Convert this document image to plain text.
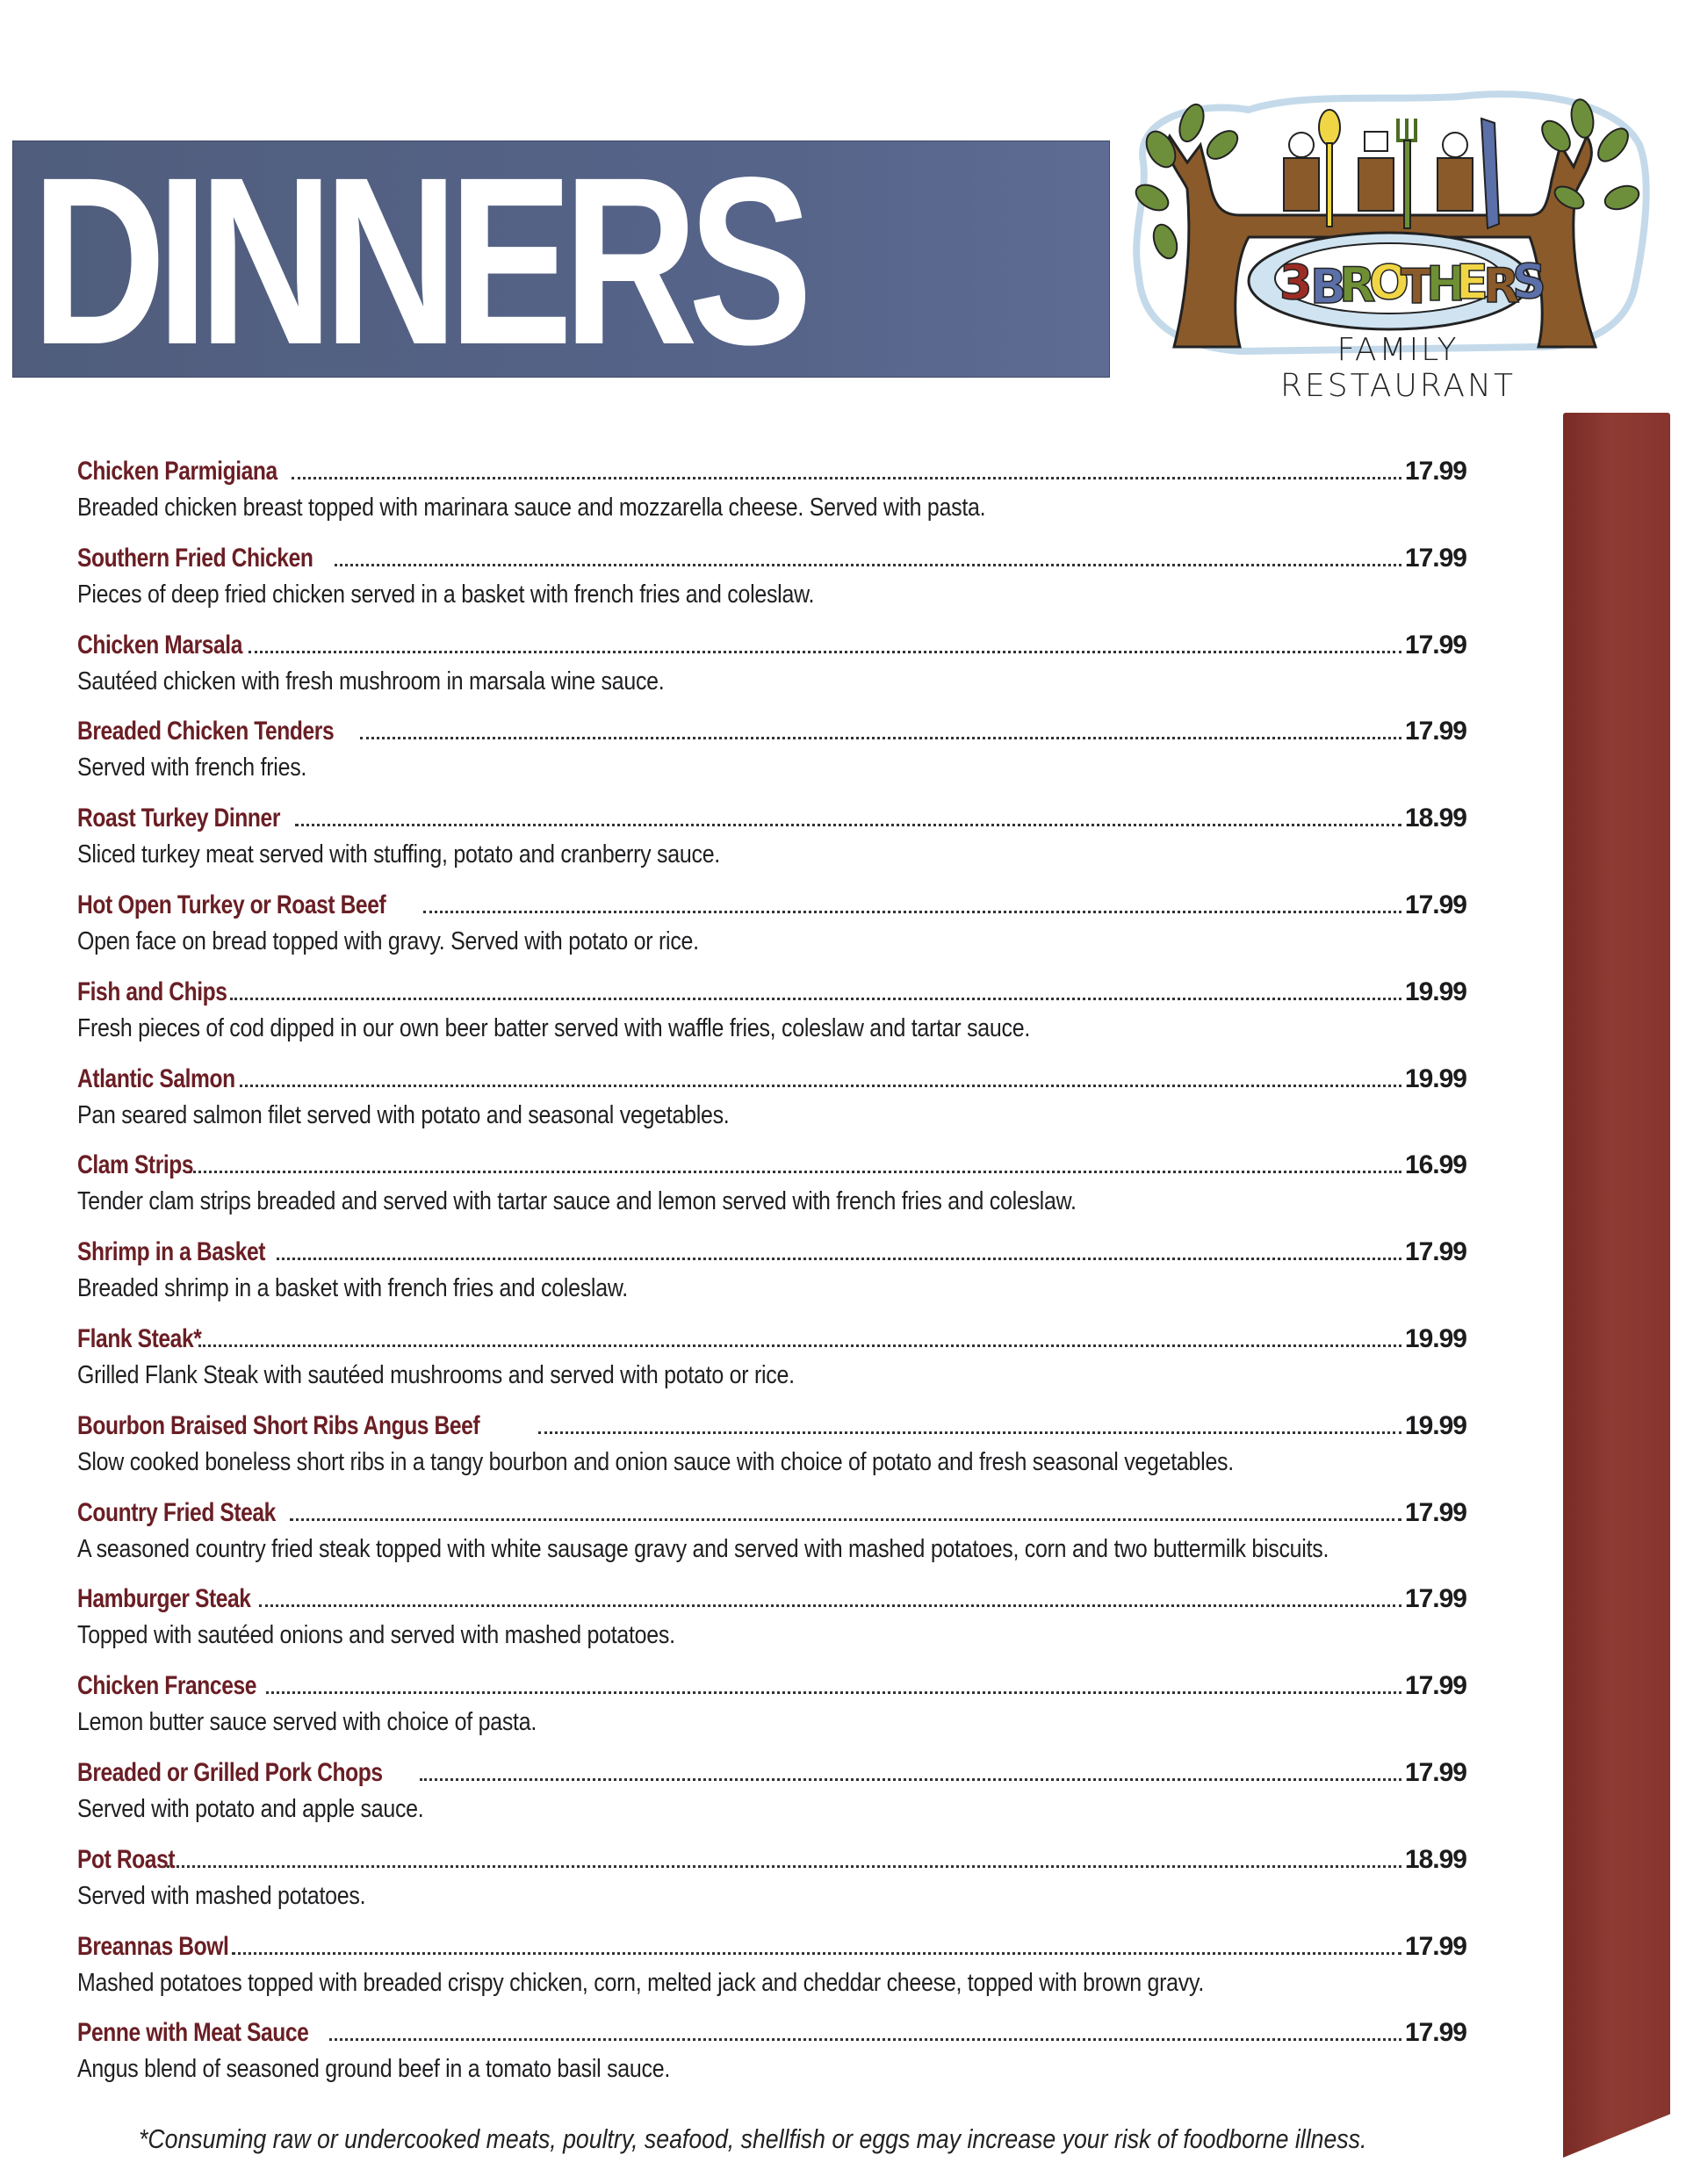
DINNERS	3
B
R
O
T
H
E
R
S
FAMILY RESTAURANT
Chicken Parmigiana	17.99
Breaded chicken breast topped with marinara sauce and mozzarella cheese. Served with pasta.
Southern Fried Chicken	17.99
Pieces of deep fried chicken served in a basket with french fries and coleslaw.
Chicken Marsala	17.99
Sautéed chicken with fresh mushroom in marsala wine sauce.
Breaded Chicken Tenders	17.99
Served with french fries.
Roast Turkey Dinner	18.99
Sliced turkey meat served with stuffing, potato and cranberry sauce.
Hot Open Turkey or Roast Beef	17.99
Open face on bread topped with gravy. Served with potato or rice.
Fish and Chips	19.99
Fresh pieces of cod dipped in our own beer batter served with waffle fries, coleslaw and tartar sauce.
Atlantic Salmon	19.99
Pan seared salmon filet served with potato and seasonal vegetables.
Clam Strips	16.99
Tender clam strips breaded and served with tartar sauce and lemon served with french fries and coleslaw.
Shrimp in a Basket	17.99
Breaded shrimp in a basket with french fries and coleslaw.
Flank Steak*	19.99
Grilled Flank Steak with sautéed mushrooms and served with potato or rice.
Bourbon Braised Short Ribs Angus Beef	19.99
Slow cooked boneless short ribs in a tangy bourbon and onion sauce with choice of potato and fresh seasonal vegetables.
Country Fried Steak	17.99
A seasoned country fried steak topped with white sausage gravy and served with mashed potatoes, corn and two buttermilk biscuits.
Hamburger Steak	17.99
Topped with sautéed onions and served with mashed potatoes.
Chicken Francese	17.99
Lemon butter sauce served with choice of pasta.
Breaded or Grilled Pork Chops	17.99
Served with potato and apple sauce.
Pot Roast	18.99
Served with mashed potatoes.
Breannas Bowl	17.99
Mashed potatoes topped with breaded crispy chicken, corn, melted jack and cheddar cheese, topped with brown gravy.
Penne with Meat Sauce	17.99
Angus blend of seasoned ground beef in a tomato basil sauce.
*Consuming raw or undercooked meats, poultry, seafood, shellfish or eggs may increase your risk of foodborne illness.
